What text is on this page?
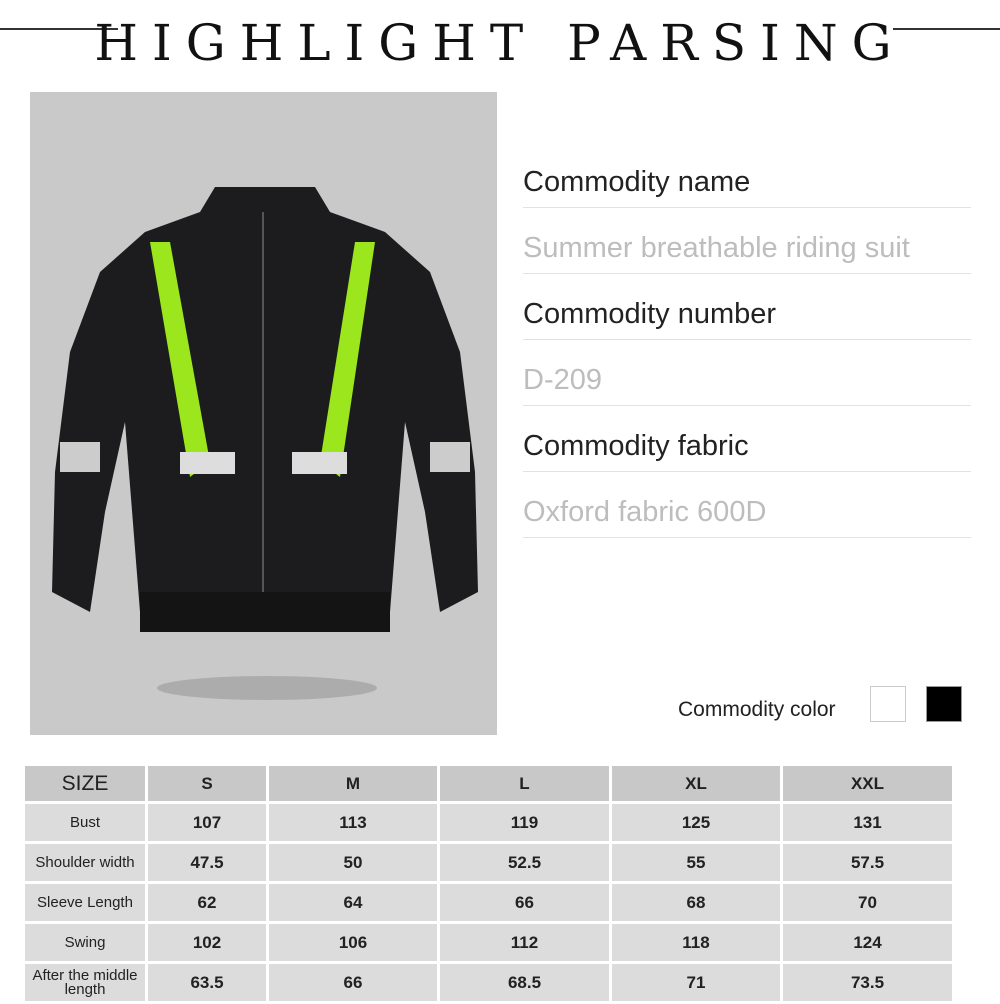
HIGHLIGHT PARSING
Commodity name
Summer breathable riding suit
Commodity number
D-209
Commodity fabric
Oxford fabric 600D
Commodity color
SIZE	S	M	L	XL	XXL
Bust	107	113	119	125	131
Shoulder width	47.5	50	52.5	55	57.5
Sleeve Length	62	64	66	68	70
Swing	102	106	112	118	124
After the middle length	63.5	66	68.5	71	73.5
